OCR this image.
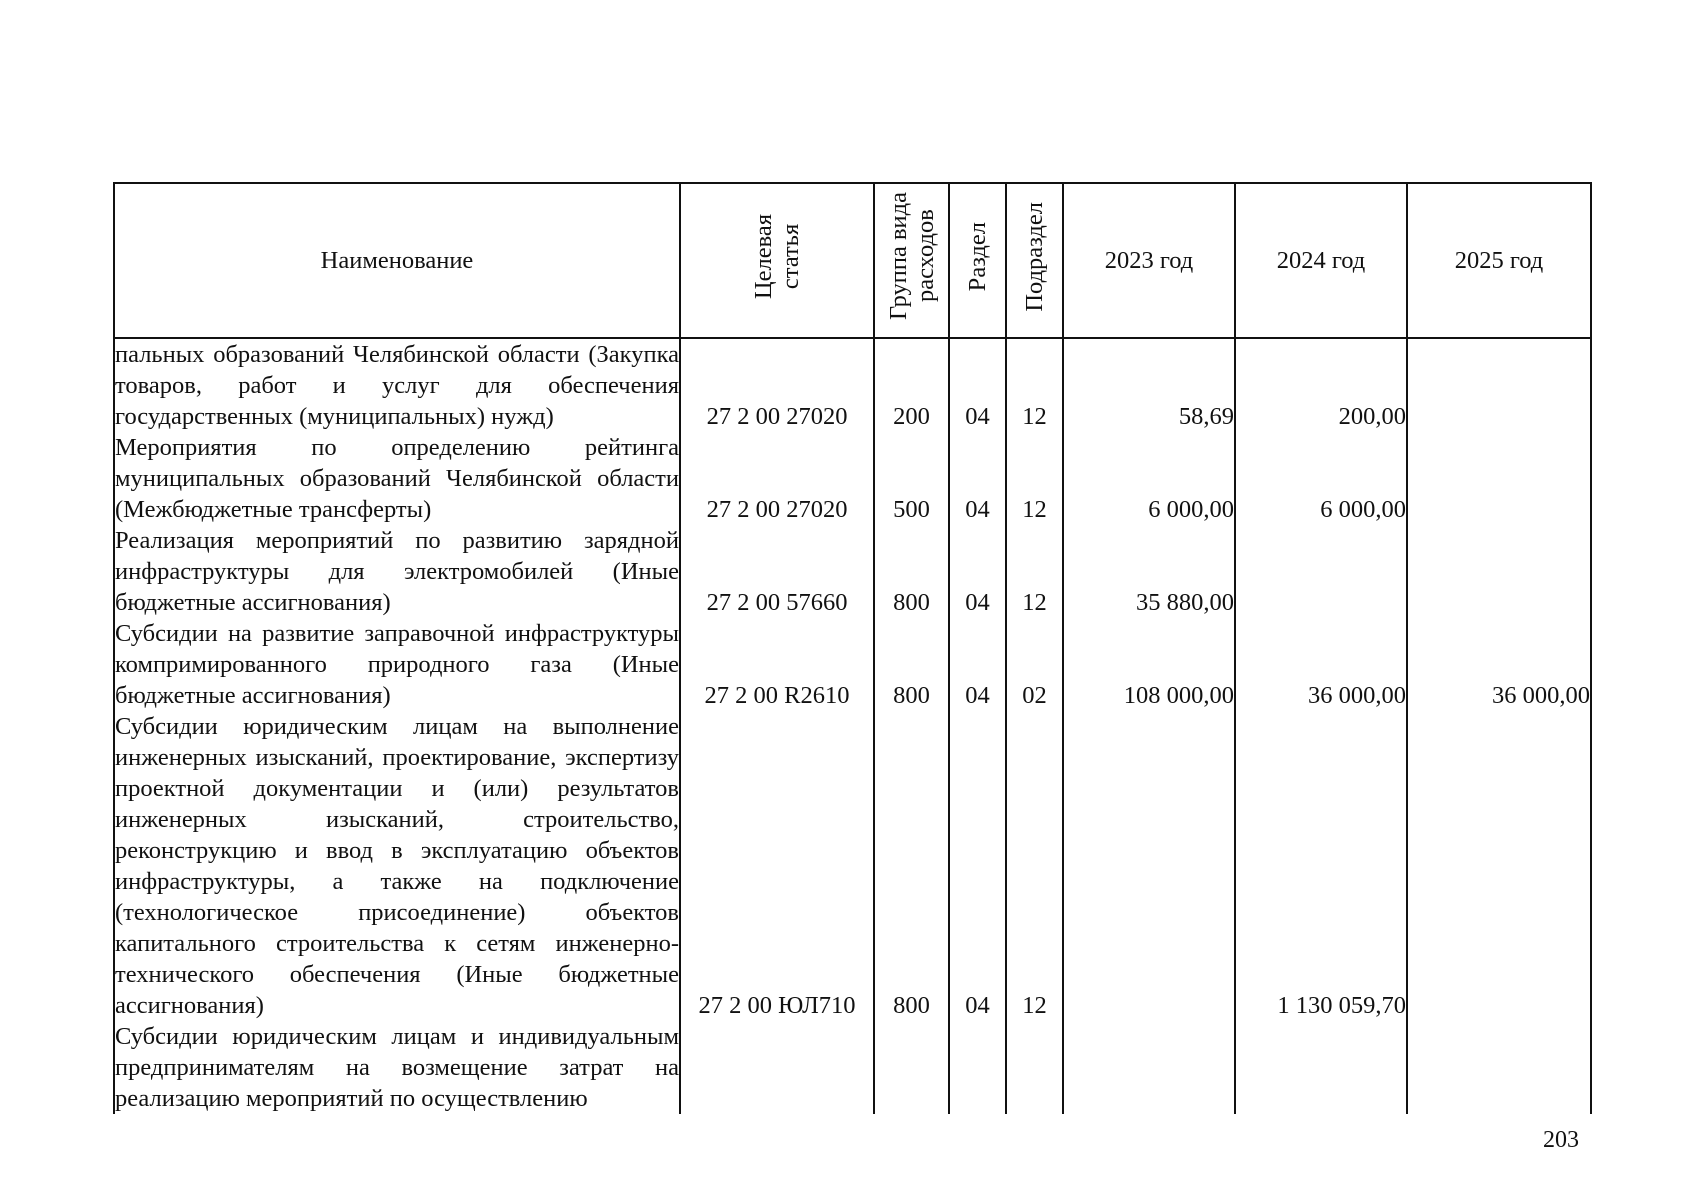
Наименование	Целевая статья	Группа вида расходов	Раздел	Подраздел	2023 год	2024 год	2025 год
пальных образований Челябинской области (Закупка товаров, работ и услуг для обеспечения государственных (муниципальных) нужд)	27 2 00 27020	200	04	12	58,69	200,00	
Мероприятия по определению рейтинга муниципальных образований Челябинской области (Межбюджетные трансферты)	27 2 00 27020	500	04	12	6 000,00	6 000,00	
Реализация мероприятий по развитию зарядной инфраструктуры для электромобилей (Иные бюджетные ассигнования)	27 2 00 57660	800	04	12	35 880,00		
Субсидии на развитие заправочной инфраструктуры компримированного природного газа (Иные бюджетные ассигнования)	27 2 00 R2610	800	04	02	108 000,00	36 000,00	36 000,00
Субсидии юридическим лицам на выполнение инженерных изысканий, проектирование, экспертизу проектной документации и (или) результатов инженерных изысканий, строительство, реконструкцию и ввод в эксплуатацию объектов инфраструктуры, а также на подключение (технологическое присоединение) объектов капитального строительства к сетям инженерно-технического обеспечения (Иные бюджетные ассигнования)	27 2 00 ЮЛ710	800	04	12		1 130 059,70	
Субсидии юридическим лицам и индивидуальным предпринимателям на возмещение затрат на реализацию мероприятий по осуществлению							
203
